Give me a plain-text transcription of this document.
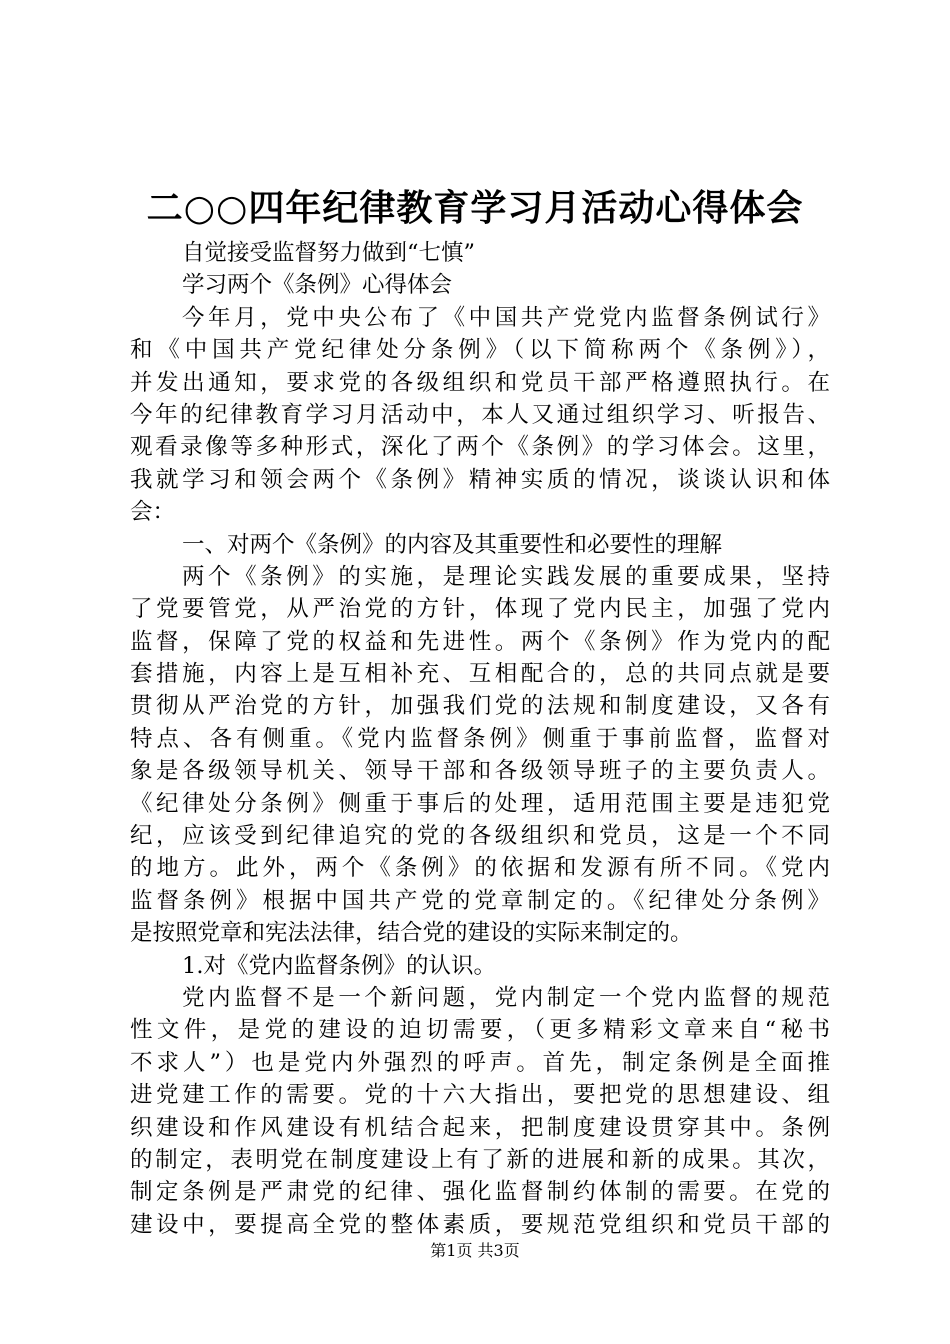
二○○四年纪律教育学习月活动心得体会
自觉接受监督努力做到“七慎”
学习两个《条例》心得体会
今年月，党中央公布了《中国共产党党内监督条例试行》
和《中国共产党纪律处分条例》（以下简称两个《条例》），
并发出通知，要求党的各级组织和党员干部严格遵照执行。在
今年的纪律教育学习月活动中，本人又通过组织学习、听报告、
观看录像等多种形式，深化了两个《条例》的学习体会。这里，
我就学习和领会两个《条例》精神实质的情况，谈谈认识和体
会：
一、对两个《条例》的内容及其重要性和必要性的理解
两个《条例》的实施，是理论实践发展的重要成果，坚持
了党要管党，从严治党的方针，体现了党内民主，加强了党内
监督，保障了党的权益和先进性。两个《条例》作为党内的配
套措施，内容上是互相补充、互相配合的，总的共同点就是要
贯彻从严治党的方针，加强我们党的法规和制度建设，又各有
特点、各有侧重。《党内监督条例》侧重于事前监督，监督对
象是各级领导机关、领导干部和各级领导班子的主要负责人。
《纪律处分条例》侧重于事后的处理，适用范围主要是违犯党
纪，应该受到纪律追究的党的各级组织和党员，这是一个不同
的地方。此外，两个《条例》的依据和发源有所不同。《党内
监督条例》根据中国共产党的党章制定的。《纪律处分条例》
是按照党章和宪法法律，结合党的建设的实际来制定的。
1.对《党内监督条例》的认识。
党内监督不是一个新问题，党内制定一个党内监督的规范
性文件，是党的建设的迫切需要，（更多精彩文章来自“秘书
不求人”）也是党内外强烈的呼声。首先，制定条例是全面推
进党建工作的需要。党的十六大指出，要把党的思想建设、组
织建设和作风建设有机结合起来，把制度建设贯穿其中。条例
的制定，表明党在制度建设上有了新的进展和新的成果。其次，
制定条例是严肃党的纪律、强化监督制约体制的需要。在党的
建设中，要提高全党的整体素质，要规范党组织和党员干部的
第1页 共3页
